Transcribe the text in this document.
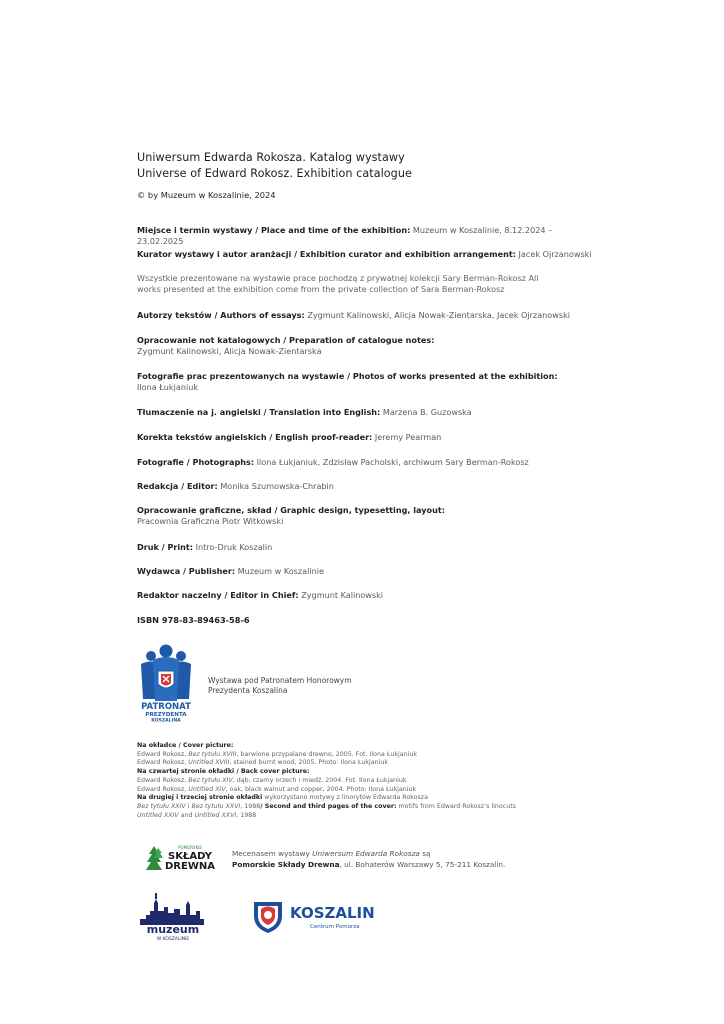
Uniwersum Edwarda Rokosza. Katalog wystawy
Universe of Edward Rokosz. Exhibition catalogue
© by Muzeum w Koszalinie, 2024
Miejsce i termin wystawy / Place and time of the exhibition: Muzeum w Koszalinie, 8.12.2024 – 23.02.2025
Kurator wystawy i autor aranżacji / Exhibition curator and exhibition arrangement: Jacek Ojrzanowski
Wszystkie prezentowane na wystawie prace pochodzą z prywatnej kolekcji Sary Berman-Rokosz All works presented at the exhibition come from the private collection of Sara Berman-Rokosz
Autorzy tekstów / Authors of essays: Zygmunt Kalinowski, Alicja Nowak-Zientarska, Jacek Ojrzanowski
Opracowanie not katalogowych / Preparation of catalogue notes:
Zygmunt Kalinowski, Alicja Nowak-Zientarska
Fotografie prac prezentowanych na wystawie / Photos of works presented at the exhibition: Ilona Łukjaniuk
Tłumaczenie na j. angielski / Translation into English: Marzena B. Guzowska
Korekta tekstów angielskich / English proof-reader: Jeremy Pearman
Fotografie / Photographs: Ilona Łukjaniuk, Zdzisław Pacholski, archiwum Sary Berman-Rokosz
Redakcja / Editor: Monika Szumowska-Chrabin
Opracowanie graficzne, skład / Graphic design, typesetting, layout:
Pracownia Graficzna Piotr Witkowski
Druk / Print: Intro-Druk Koszalin
Wydawca / Publisher: Muzeum w Koszalinie
Redaktor naczelny / Editor in Chief: Zygmunt Kalinowski
ISBN 978-83-89463-58-6
PATRONAT
PREZYDENTA
KOSZALINA
Wystawa pod Patronatem Honorowym
Prezydenta Koszalina
Na okładce / Cover picture:
Edward Rokosz, Bez tytułu XVIII, barwione przypalane drewno, 2005. Fot. Ilona Łukjaniuk
Edward Rokosz, Untitled XVIII, stained burnt wood, 2005. Photo: Ilona Łukjaniuk
Na czwartej stronie okładki / Back cover picture:
Edward Rokosz, Bez tytułu XIV, dąb, czarny orzech i miedź, 2004. Fot. Ilona Łukjaniuk
Edward Rokosz, Untitled XIV, oak, black walnut and copper, 2004. Photo: Ilona Łukjaniuk
Na drugiej i trzeciej stronie okładki wykorzystano motywy z linorytów Edwarda Rokosza
Bez tytułu XXIV i Bez tytułu XXVI, 1988/ Second and third pages of the cover: motifs from Edward Rokosz’s linocuts
Untitled XXIV and Untitled XXVI, 1988
POMORSKIE
SKŁADY
DREWNA
Mecenasem wystawy Uniwersum Edwarda Rokosza są
Pomorskie Składy Drewna, ul. Bohaterów Warszawy 5, 75-211 Koszalin.
muzeum
W KOSZALINIE
KOSZALIN
Centrum Pomorza
